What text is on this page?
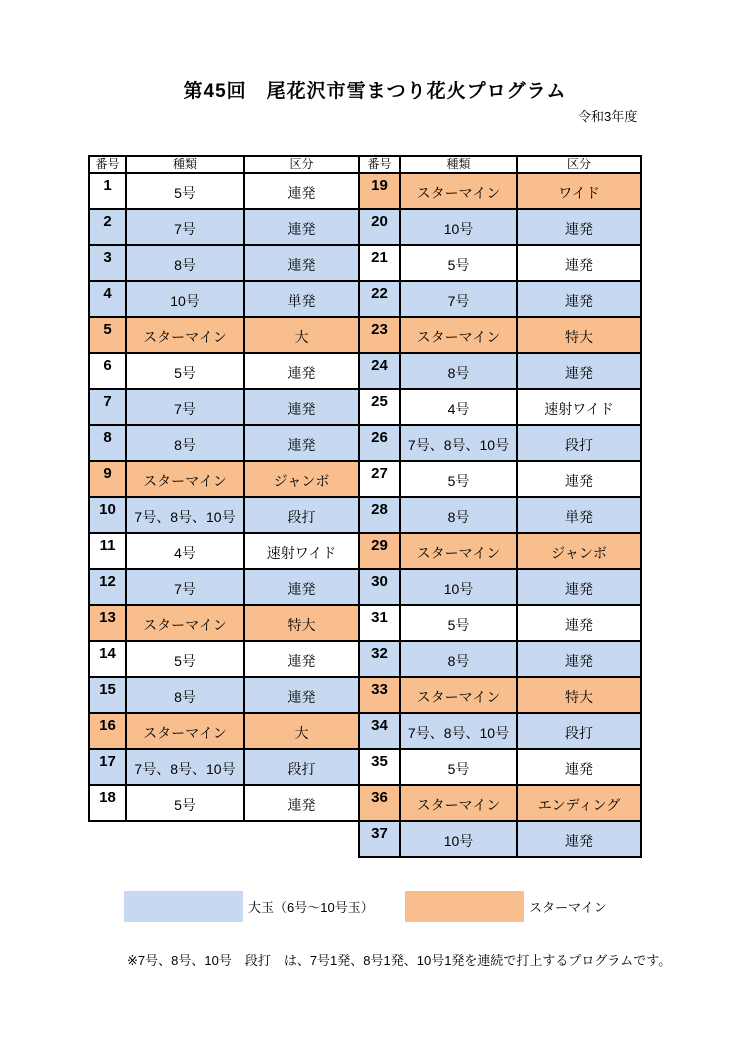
第45回　尾花沢市雪まつり花火プログラム
令和3年度
番号	種類	区分
1	5号	連発
2	7号	連発
3	8号	連発
4	10号	単発
5	スターマイン	大
6	5号	連発
7	7号	連発
8	8号	連発
9	スターマイン	ジャンボ
10	7号、8号、10号	段打
11	4号	速射ワイド
12	7号	連発
13	スターマイン	特大
14	5号	連発
15	8号	連発
16	スターマイン	大
17	7号、8号、10号	段打
18	5号	連発
番号	種類	区分
19	スターマイン	ワイド
20	10号	連発
21	5号	連発
22	7号	連発
23	スターマイン	特大
24	8号	連発
25	4号	速射ワイド
26	7号、8号、10号	段打
27	5号	連発
28	8号	単発
29	スターマイン	ジャンボ
30	10号	連発
31	5号	連発
32	8号	連発
33	スターマイン	特大
34	7号、8号、10号	段打
35	5号	連発
36	スターマイン	エンディング
37	10号	連発
大玉（6号～10号玉）	スターマイン
※7号、8号、10号　段打　は、7号1発、8号1発、10号1発を連続で打上するプログラムです。
